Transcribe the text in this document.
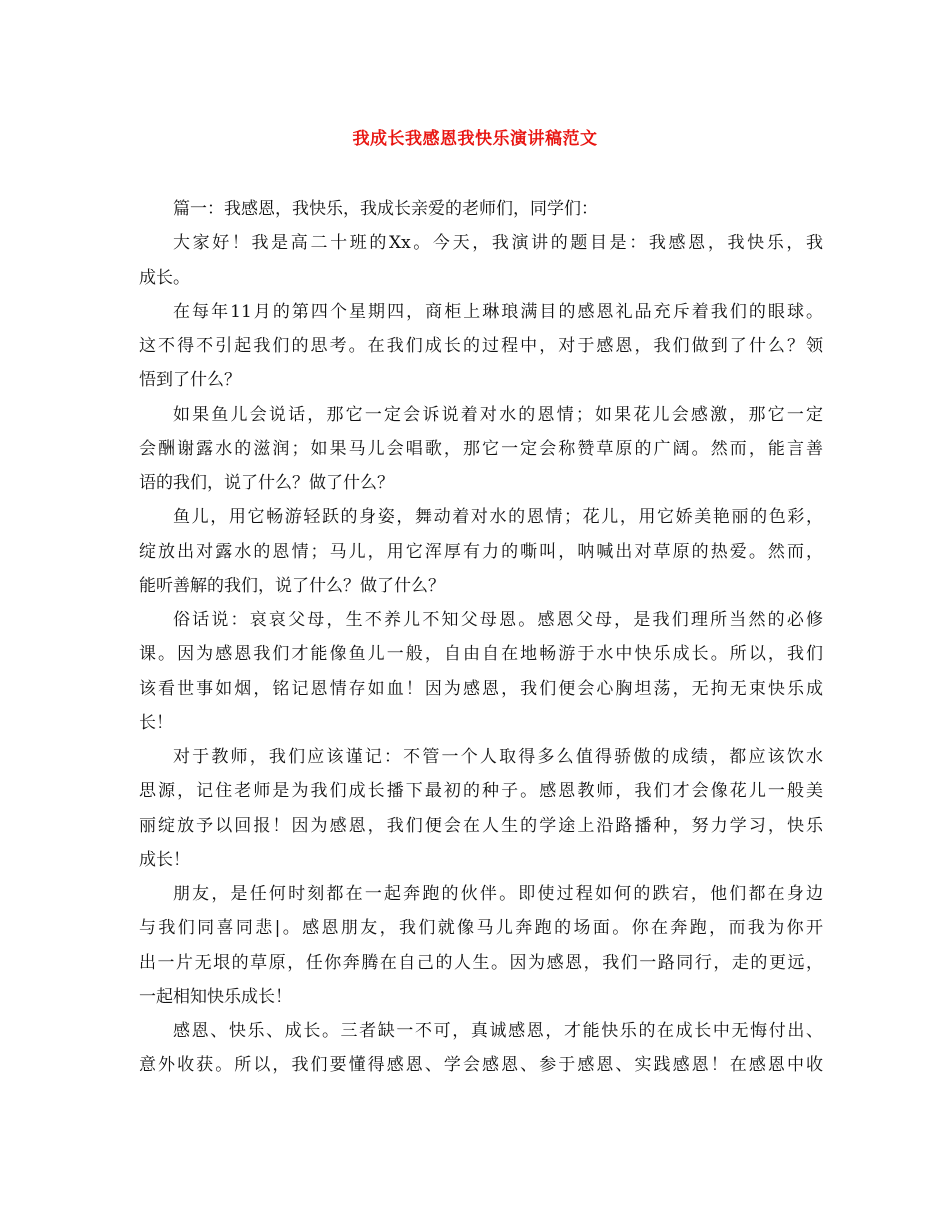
我成长我感恩我快乐演讲稿范文
篇一：我感恩，我快乐，我成长亲爱的老师们，同学们：
大家好！我是高二十班的Xx。今天，我演讲的题目是：我感恩，我快乐，我
成长。
在每年11月的第四个星期四，商柜上琳琅满目的感恩礼品充斥着我们的眼球。
这不得不引起我们的思考。在我们成长的过程中，对于感恩，我们做到了什么？领
悟到了什么？
如果鱼儿会说话，那它一定会诉说着对水的恩情；如果花儿会感激，那它一定
会酬谢露水的滋润；如果马儿会唱歌，那它一定会称赞草原的广阔。然而，能言善
语的我们，说了什么？做了什么？
鱼儿，用它畅游轻跃的身姿，舞动着对水的恩情；花儿，用它娇美艳丽的色彩，
绽放出对露水的恩情；马儿，用它浑厚有力的嘶叫，呐喊出对草原的热爱。然而，
能听善解的我们，说了什么？做了什么？
俗话说：哀哀父母，生不养儿不知父母恩。感恩父母，是我们理所当然的必修
课。因为感恩我们才能像鱼儿一般，自由自在地畅游于水中快乐成长。所以，我们
该看世事如烟，铭记恩情存如血！因为感恩，我们便会心胸坦荡，无拘无束快乐成
长！
对于教师，我们应该谨记：不管一个人取得多么值得骄傲的成绩，都应该饮水
思源，记住老师是为我们成长播下最初的种子。感恩教师，我们才会像花儿一般美
丽绽放予以回报！因为感恩，我们便会在人生的学途上沿路播种，努力学习，快乐
成长！
朋友，是任何时刻都在一起奔跑的伙伴。即使过程如何的跌宕，他们都在身边
与我们同喜同悲|。感恩朋友，我们就像马儿奔跑的场面。你在奔跑，而我为你开
出一片无垠的草原，任你奔腾在自己的人生。因为感恩，我们一路同行，走的更远，
一起相知快乐成长！
感恩、快乐、成长。三者缺一不可，真诚感恩，才能快乐的在成长中无悔付出、
意外收获。所以，我们要懂得感恩、学会感恩、参于感恩、实践感恩！在感恩中收
